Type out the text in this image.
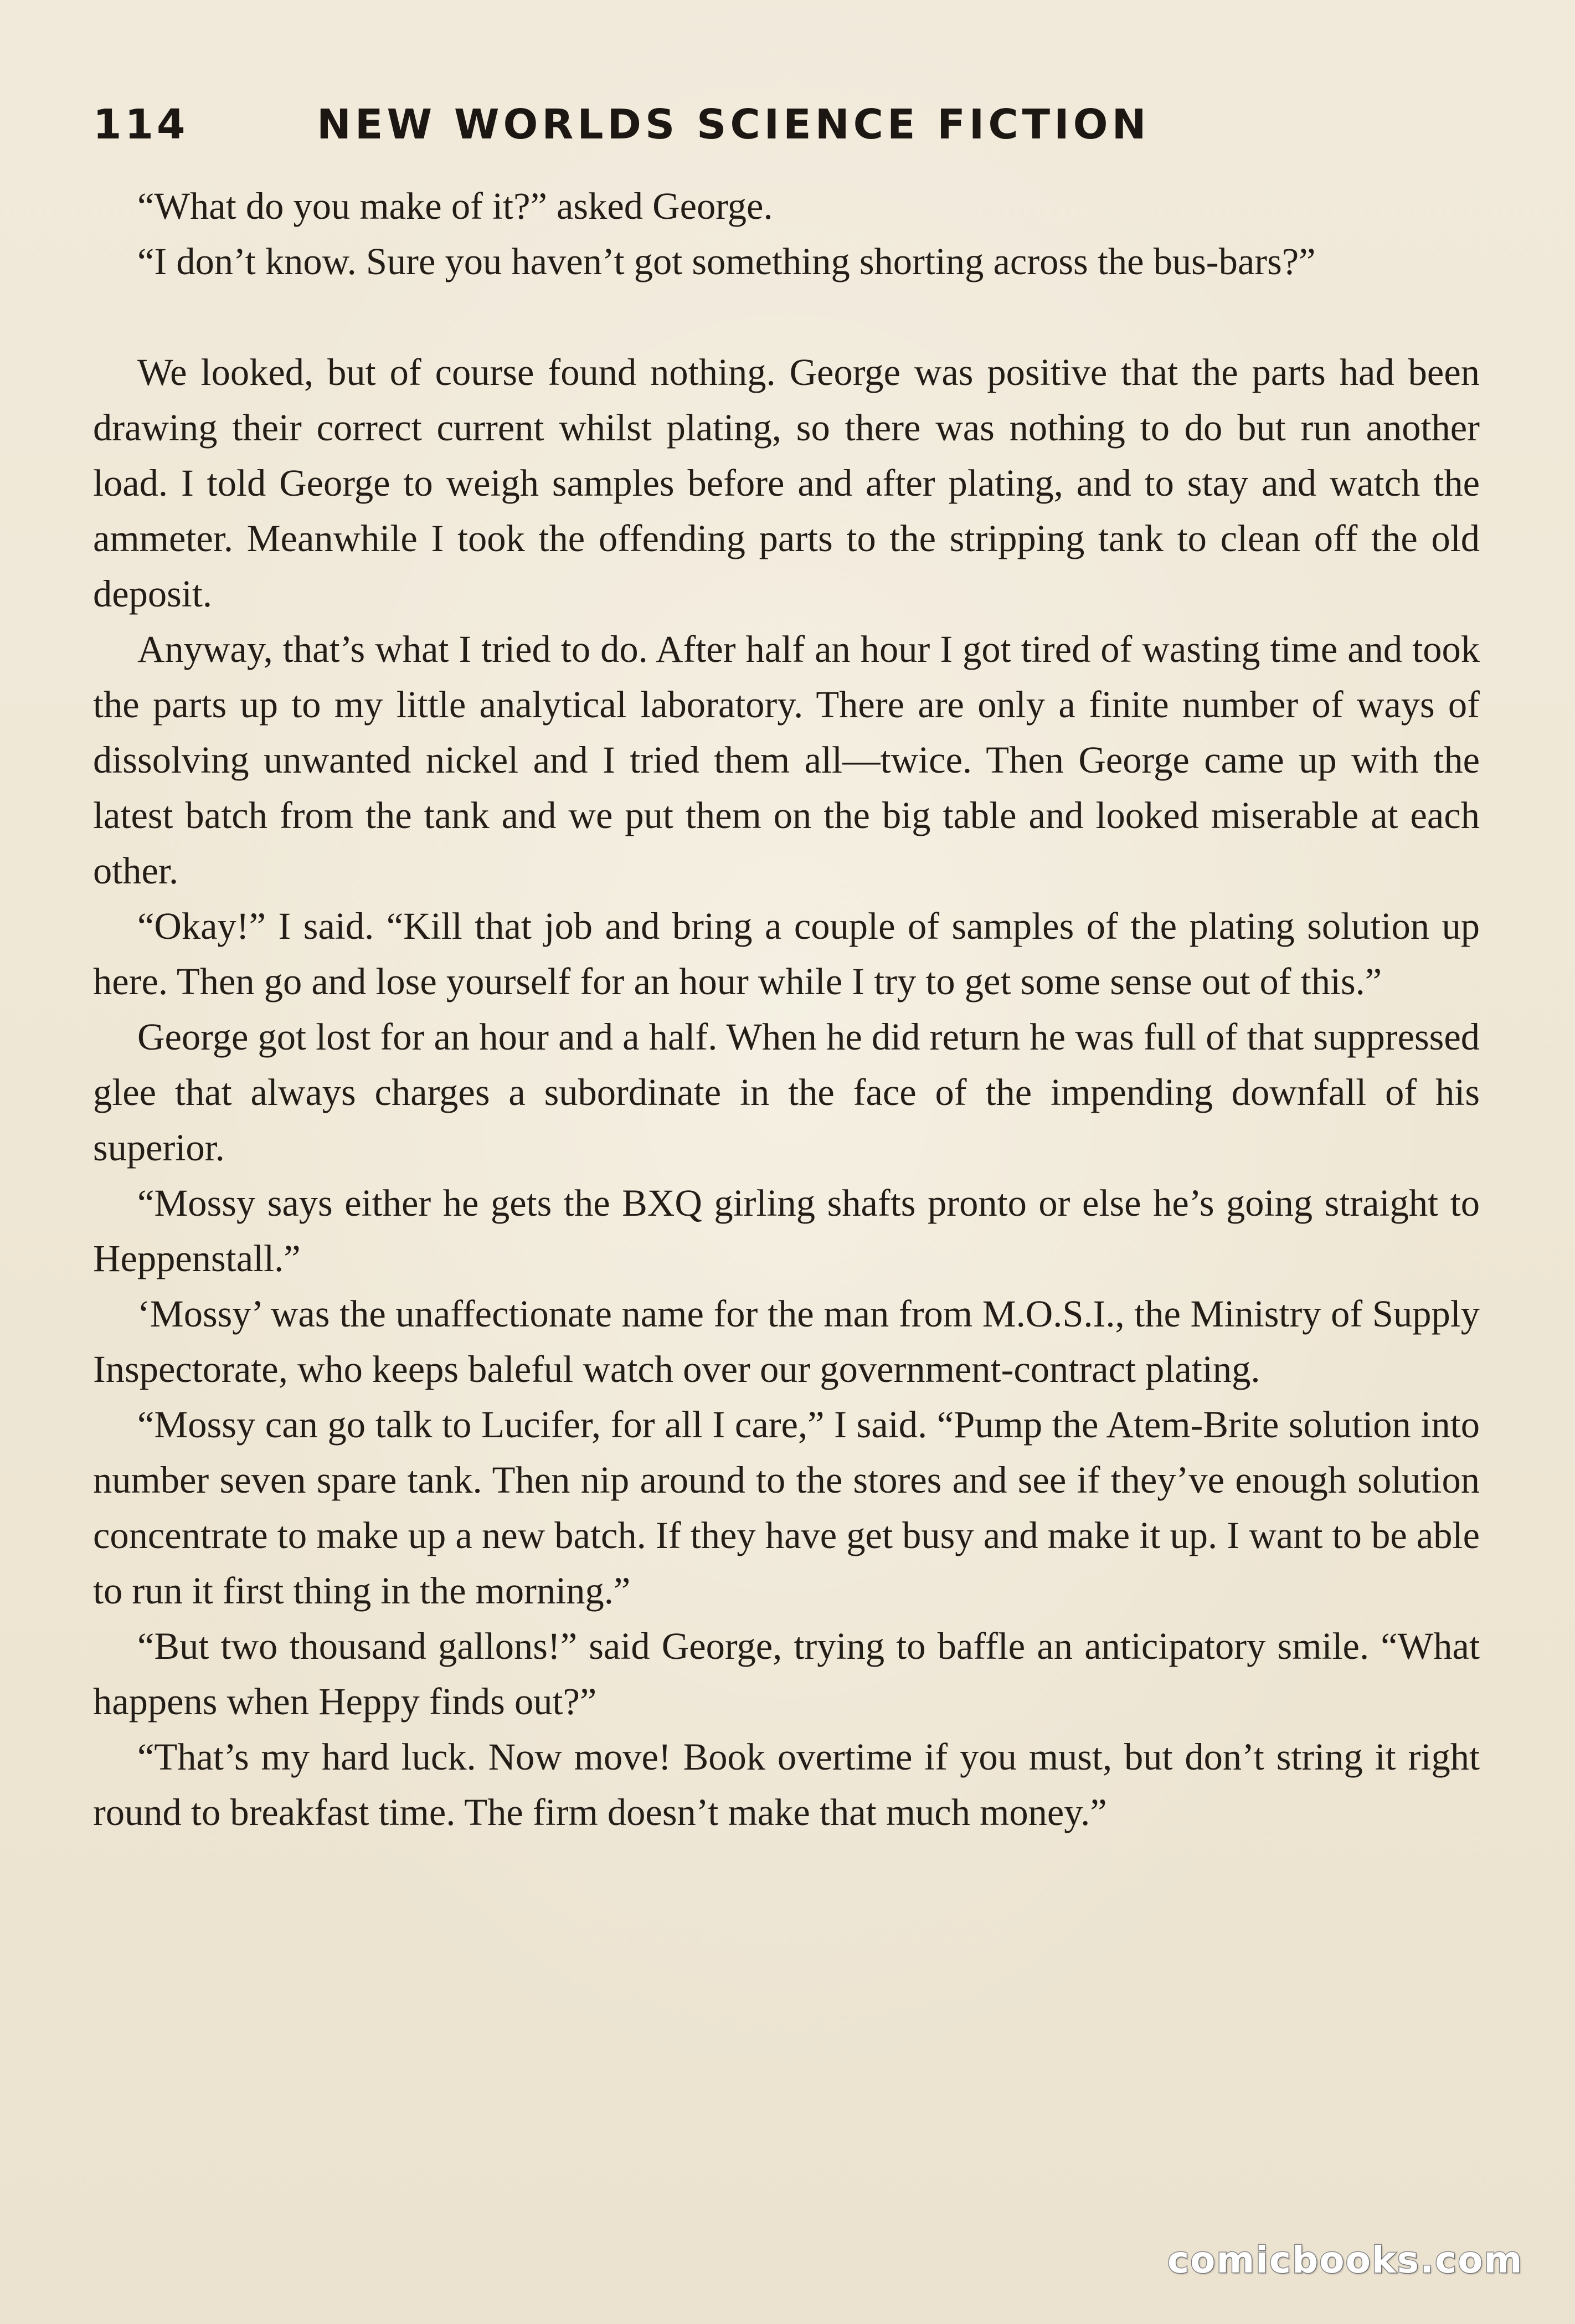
114	NEW WORLDS SCIENCE FICTION

“What do you make of it?” asked George.

“I don’t know. Sure you haven’t got something shorting across the bus-bars?”

We looked, but of course found nothing. George was positive that the parts had been drawing their correct current whilst plating, so there was nothing to do but run another load. I told George to weigh samples before and after plating, and to stay and watch the ammeter. Meanwhile I took the offending parts to the stripping tank to clean off the old deposit.

Anyway, that’s what I tried to do. After half an hour I got tired of wasting time and took the parts up to my little analytical laboratory. There are only a finite number of ways of dissolving unwanted nickel and I tried them all—twice. Then George came up with the latest batch from the tank and we put them on the big table and looked miserable at each other.

“Okay!” I said. “Kill that job and bring a couple of samples of the plating solution up here. Then go and lose yourself for an hour while I try to get some sense out of this.”

George got lost for an hour and a half. When he did return he was full of that suppressed glee that always charges a subordinate in the face of the impending downfall of his superior.

“Mossy says either he gets the BXQ girling shafts pronto or else he’s going straight to Heppenstall.”

‘Mossy’ was the unaffectionate name for the man from M.O.S.I., the Ministry of Supply Inspectorate, who keeps baleful watch over our government-contract plating.

“Mossy can go talk to Lucifer, for all I care,” I said. “Pump the Atem-Brite solution into number seven spare tank. Then nip around to the stores and see if they’ve enough solution concentrate to make up a new batch. If they have get busy and make it up. I want to be able to run it first thing in the morning.”

“But two thousand gallons!” said George, trying to baffle an anticipatory smile. “What happens when Heppy finds out?”

“That’s my hard luck. Now move! Book overtime if you must, but don’t string it right round to breakfast time. The firm doesn’t make that much money.”

comicbooks.com
